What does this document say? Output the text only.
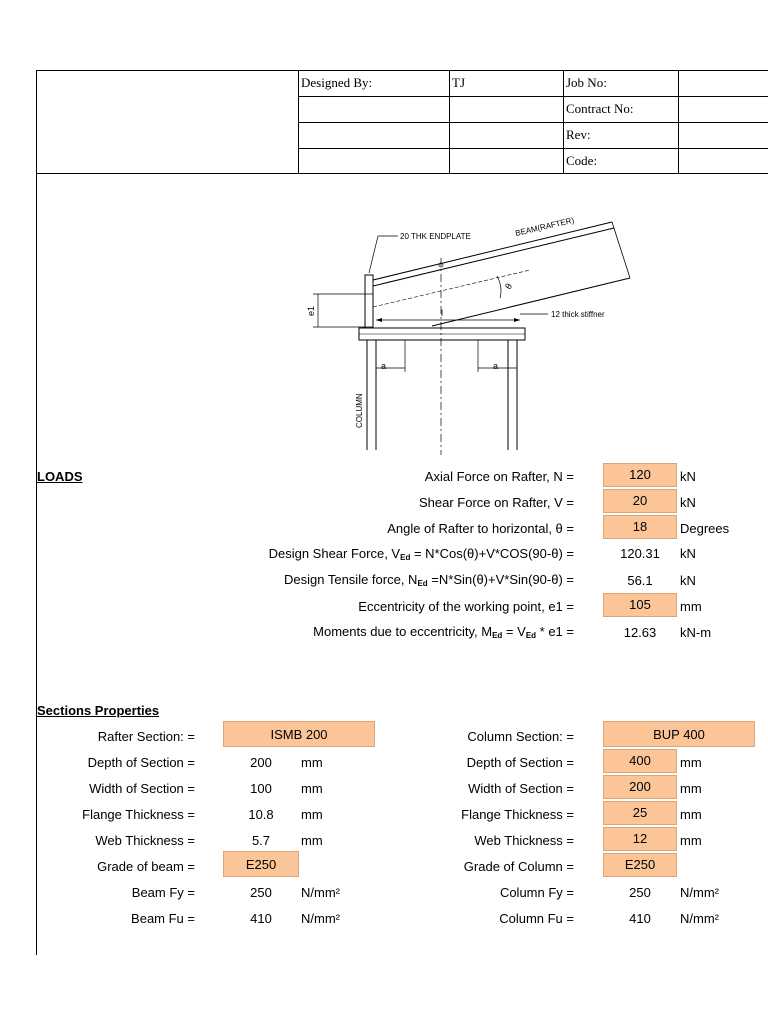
Designed By:	TJ	Job No:
Contract No:
Rev:
Code:
20 THK ENDPLATE	BEAM(RAFTER)
12 thick stiffner
e1	l
θ
a	a
COLUMN
LOADS	Axial Force on Rafter, N =	120	kN
Shear Force on Rafter, V =	20	kN
Angle of Rafter to horizontal, θ =	18	Degrees
Design Shear Force, $V_{Ed} = N*Cos(\theta)+V*COS(90-\theta)$ =	120.31	kN
Design Tensile force, $N_{Ed} =N*Sin(\theta)+V*Sin(90-\theta)$ =	56.1	kN
Eccentricity of the working point, e1 =	105	mm
Moments due to eccentricity, $M_{Ed} = V_{Ed} * e1$ =	12.63	kN-m
Sections Properties
Rafter Section: =	ISMB 200
Depth of Section =	200	mm
Width of Section =	100	mm
Flange Thickness =	10.8	mm
Web Thickness =	5.7	mm
Grade of beam =	E250
Beam Fy =	250	N/mm²
Beam Fu =	410	N/mm²
Column Section: =	BUP 400
Depth of Section =	400	mm
Width of Section =	200	mm
Flange Thickness =	25	mm
Web Thickness =	12	mm
Grade of Column =	E250
Column Fy =	250	N/mm²
Column Fu =	410	N/mm²
